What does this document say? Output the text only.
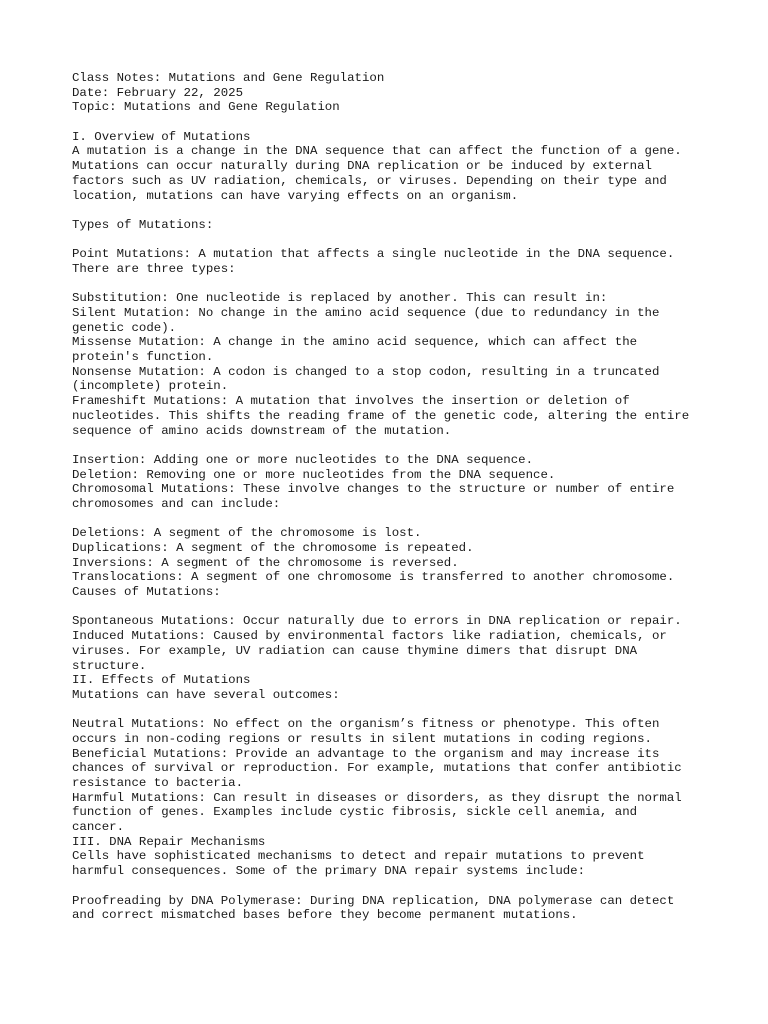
Class Notes: Mutations and Gene Regulation
Date: February 22, 2025
Topic: Mutations and Gene Regulation
I. Overview of Mutations
A mutation is a change in the DNA sequence that can affect the function of a gene.
Mutations can occur naturally during DNA replication or be induced by external
factors such as UV radiation, chemicals, or viruses. Depending on their type and
location, mutations can have varying effects on an organism.
Types of Mutations:
Point Mutations: A mutation that affects a single nucleotide in the DNA sequence.
There are three types:
Substitution: One nucleotide is replaced by another. This can result in:
Silent Mutation: No change in the amino acid sequence (due to redundancy in the
genetic code).
Missense Mutation: A change in the amino acid sequence, which can affect the
protein's function.
Nonsense Mutation: A codon is changed to a stop codon, resulting in a truncated
(incomplete) protein.
Frameshift Mutations: A mutation that involves the insertion or deletion of
nucleotides. This shifts the reading frame of the genetic code, altering the entire
sequence of amino acids downstream of the mutation.
Insertion: Adding one or more nucleotides to the DNA sequence.
Deletion: Removing one or more nucleotides from the DNA sequence.
Chromosomal Mutations: These involve changes to the structure or number of entire
chromosomes and can include:
Deletions: A segment of the chromosome is lost.
Duplications: A segment of the chromosome is repeated.
Inversions: A segment of the chromosome is reversed.
Translocations: A segment of one chromosome is transferred to another chromosome.
Causes of Mutations:
Spontaneous Mutations: Occur naturally due to errors in DNA replication or repair.
Induced Mutations: Caused by environmental factors like radiation, chemicals, or
viruses. For example, UV radiation can cause thymine dimers that disrupt DNA
structure.
II. Effects of Mutations
Mutations can have several outcomes:
Neutral Mutations: No effect on the organism’s fitness or phenotype. This often
occurs in non-coding regions or results in silent mutations in coding regions.
Beneficial Mutations: Provide an advantage to the organism and may increase its
chances of survival or reproduction. For example, mutations that confer antibiotic
resistance to bacteria.
Harmful Mutations: Can result in diseases or disorders, as they disrupt the normal
function of genes. Examples include cystic fibrosis, sickle cell anemia, and
cancer.
III. DNA Repair Mechanisms
Cells have sophisticated mechanisms to detect and repair mutations to prevent
harmful consequences. Some of the primary DNA repair systems include:
Proofreading by DNA Polymerase: During DNA replication, DNA polymerase can detect
and correct mismatched bases before they become permanent mutations.
